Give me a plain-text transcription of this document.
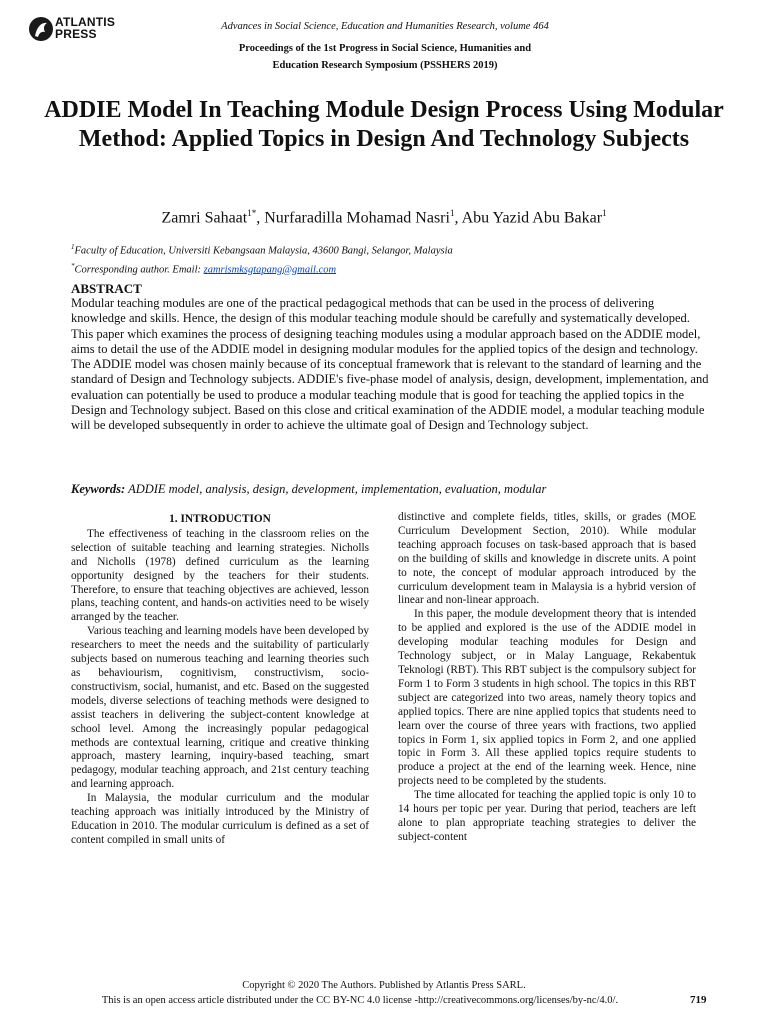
ATLANTIS
PRESS
Advances in Social Science, Education and Humanities Research, volume 464
Proceedings of the 1st Progress in Social Science, Humanities and
Education Research Symposium (PSSHERS 2019)
ADDIE Model In Teaching Module Design Process Using Modular Method: Applied Topics in Design And Technology Subjects
Zamri Sahaat$^{1*}$, Nurfaradilla Mohamad Nasri$^1$, Abu Yazid Abu Bakar$^1$
$^1$Faculty of Education, Universiti Kebangsaan Malaysia, 43600 Bangi, Selangor, Malaysia
*Corresponding author. Email: zamrismksgtapang@gmail.com
ABSTRACT

Modular teaching modules are one of the practical pedagogical methods that can be used in the process of delivering knowledge and skills. Hence, the design of this modular teaching module should be carefully and systematically developed. This paper which examines the process of designing teaching modules using a modular approach based on the ADDIE model, aims to detail the use of the ADDIE model in designing modular modules for the applied topics of the design and technology. The ADDIE model was chosen mainly because of its conceptual framework that is relevant to the standard of learning and the standard of Design and Technology subjects. ADDIE's five-phase model of analysis, design, development, implementation, and evaluation can potentially be used to produce a modular teaching module that is good for teaching the applied topics in the Design and Technology subject. Based on this close and critical examination of the ADDIE model, a modular teaching module will be developed subsequently in order to achieve the ultimate goal of Design and Technology subject.

Keywords: ADDIE model, analysis, design, development, implementation, evaluation, modular
1. INTRODUCTION

The effectiveness of teaching in the classroom relies on the selection of suitable teaching and learning strategies. Nicholls and Nicholls (1978) defined curriculum as the learning opportunity designed by the teachers for their students. Therefore, to ensure that teaching objectives are achieved, lesson plans, teaching content, and hands-on activities need to be wisely arranged by the teacher.

Various teaching and learning models have been developed by researchers to meet the needs and the suitability of particularly subjects based on numerous teaching and learning theories such as behaviourism, cognitivism, constructivism, socio-constructivism, social, humanist, and etc. Based on the suggested models, diverse selections of teaching methods were designed to assist teachers in delivering the subject-content knowledge at school level. Among the increasingly popular pedagogical methods are contextual learning, critique and creative thinking approach, mastery learning, inquiry-based teaching, smart pedagogy, modular teaching approach, and 21st century teaching and learning approach.

In Malaysia, the modular curriculum and the modular teaching approach was initially introduced by the Ministry of Education in 2010. The modular curriculum is defined as a set of content compiled in small units of

distinctive and complete fields, titles, skills, or grades (MOE Curriculum Development Section, 2010). While modular teaching approach focuses on task-based approach that is based on the building of skills and knowledge in discrete units. A point to note, the concept of modular approach introduced by the curriculum development team in Malaysia is a hybrid version of linear and non-linear approach.

In this paper, the module development theory that is intended to be applied and explored is the use of the ADDIE model in developing modular teaching modules for Design and Technology subject, or in Malay Language, Rekabentuk Teknologi (RBT). This RBT subject is the compulsory subject for Form 1 to Form 3 students in high school. The topics in this RBT subject are categorized into two areas, namely theory topics and applied topics. There are nine applied topics that students need to learn over the course of three years with fractions, two applied topics in Form 1, six applied topics in Form 2, and one applied topic in Form 3. All these applied topics require students to produce a project at the end of the learning week. Hence, nine projects need to be completed by the students.

The time allocated for teaching the applied topic is only 10 to 14 hours per topic per year. During that period, teachers are left alone to plan appropriate teaching strategies to deliver the subject-content

Copyright © 2020 The Authors. Published by Atlantis Press SARL.
This is an open access article distributed under the CC BY-NC 4.0 license -http://creativecommons.org/licenses/by-nc/4.0/.	719
